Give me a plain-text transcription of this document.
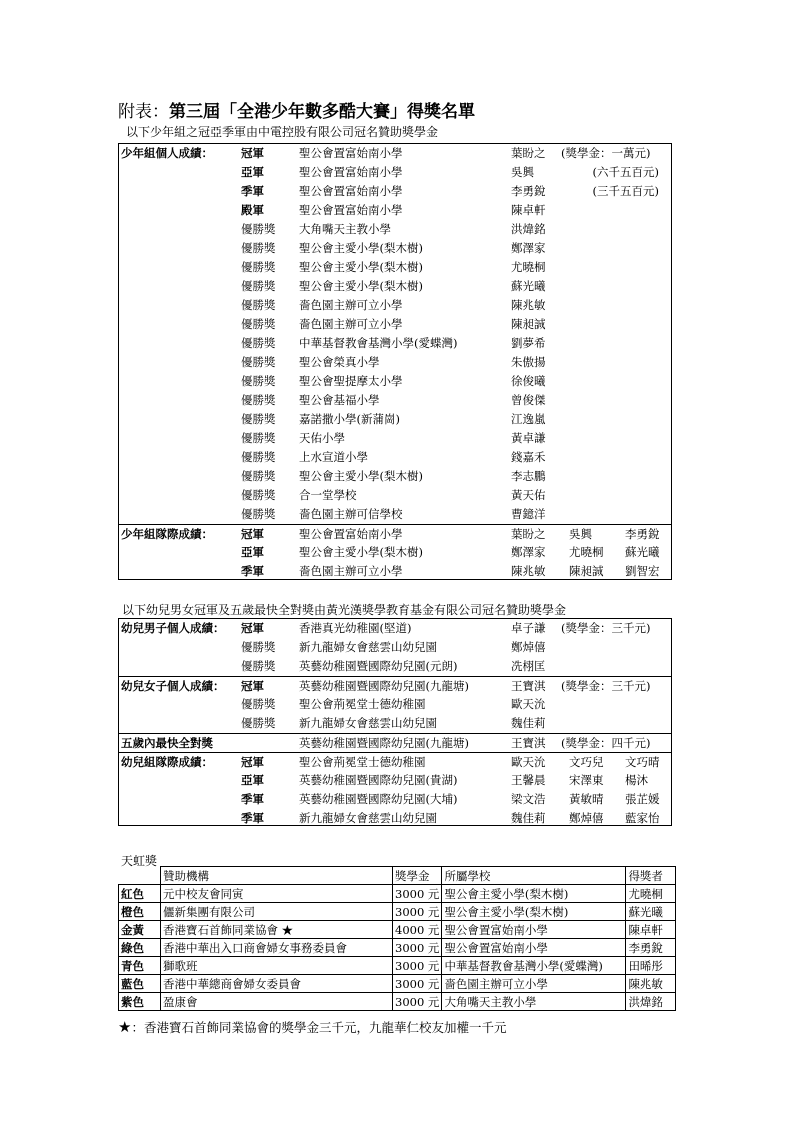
附表：第三屆「全港少年數多酷大賽」得獎名單
以下少年組之冠亞季軍由中電控股有限公司冠名贊助獎學金
少年組個人成績： 冠軍	聖公會置富始南小學	葉盼之 (獎學金：一萬元)
亞軍	聖公會置富始南小學	吳興	(六千五百元)
季軍	聖公會置富始南小學	李勇銳	(三千五百元)
殿軍	聖公會置富始南小學	陳卓軒
優勝獎 大角嘴天主教小學	洪煒銘
優勝獎 聖公會主愛小學(梨木樹)	鄭澤家
優勝獎 聖公會主愛小學(梨木樹)	尤曉桐
優勝獎 聖公會主愛小學(梨木樹)	蘇光曦
優勝獎 嗇色園主辦可立小學	陳兆敏
優勝獎 嗇色園主辦可立小學	陳昶誠
優勝獎 中華基督教會基灣小學(愛蝶灣)	劉夢希
優勝獎 聖公會榮真小學	朱傲揚
優勝獎 聖公會聖提摩太小學	徐俊曦
優勝獎 聖公會基福小學	曾俊傑
優勝獎 嘉諾撒小學(新蒲崗)	江逸嵐
優勝獎 天佑小學	黃卓謙
優勝獎 上水宣道小學	錢嘉禾
優勝獎 聖公會主愛小學(梨木樹)	李志鵬
優勝獎 合一堂學校	黃天佑
優勝獎 嗇色園主辦可信學校	曹鐿洋
少年組隊際成績： 冠軍	聖公會置富始南小學	葉盼之 吳興	李勇銳
亞軍	聖公會主愛小學(梨木樹)	鄭澤家 尤曉桐 蘇光曦
季軍	嗇色園主辦可立小學	陳兆敏 陳昶誠 劉智宏
以下幼兒男女冠軍及五歲最快全對獎由黃光漢獎學教育基金有限公司冠名贊助獎學金
幼兒男子個人成績： 冠軍	香港真光幼稚園(堅道)	卓子謙 (獎學金：三千元)
優勝獎 新九龍婦女會慈雲山幼兒園	鄭焯僖
優勝獎 英藝幼稚園暨國際幼兒園(元朗)	冼栩匡
幼兒女子個人成績： 冠軍	英藝幼稚園暨國際幼兒園(九龍塘)	王寶淇 (獎學金：三千元)
優勝獎 聖公會荊冕堂士德幼稚園	歐天沇
優勝獎 新九龍婦女會慈雲山幼兒園	魏佳莉
五歲內最快全對獎	英藝幼稚園暨國際幼兒園(九龍塘)	王寶淇 (獎學金：四千元)
幼兒組隊際成績： 冠軍	聖公會荊冕堂士德幼稚園	歐天沇 文巧兒 文巧晴
亞軍	英藝幼稚園暨國際幼兒園(貴湖)	王馨晨 宋澤東 楊沐
季軍	英藝幼稚園暨國際幼兒園(大埔)	梁文浩 黃敏晴 張芷媛
季軍	新九龍婦女會慈雲山幼兒園	魏佳莉 鄭焯僖 藍家怡
天虹獎
	贊助機構	獎學金	所屬學校	得獎者
紅色	元中校友會同寅	3000 元	聖公會主愛小學(梨木樹)	尤曉桐
橙色	儷新集團有限公司	3000 元	聖公會主愛小學(梨木樹)	蘇光曦
金黃	香港寶石首飾同業協會 ★	4000 元	聖公會置富始南小學	陳卓軒
綠色	香港中華出入口商會婦女事務委員會	3000 元	聖公會置富始南小學	李勇銳
青色	獅歌班	3000 元	中華基督教會基灣小學(愛蝶灣)	田晞彤
藍色	香港中華總商會婦女委員會	3000 元	嗇色園主辦可立小學	陳兆敏
紫色	盈康會	3000 元	大角嘴天主教小學	洪煒銘
★：香港寶石首飾同業協會的獎學金三千元，九龍華仁校友加權一千元
